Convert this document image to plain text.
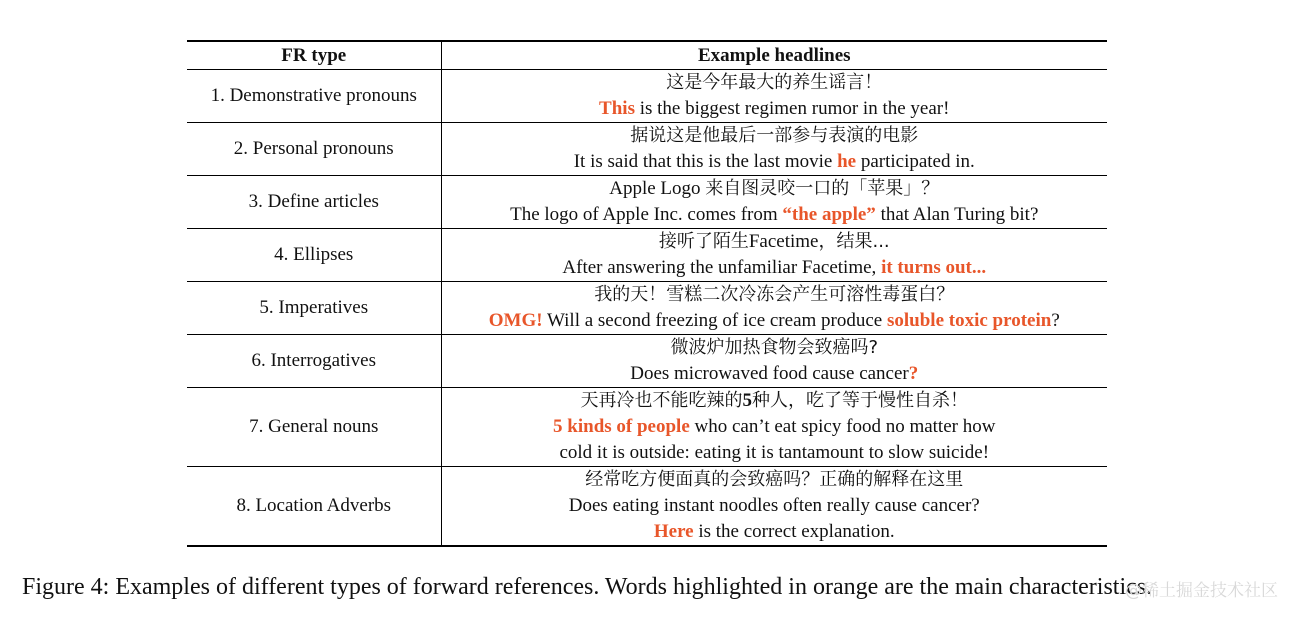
FR type	Example headlines
1. Demonstrative pronouns	这是今年最大的养生谣言！
This is the biggest regimen rumor in the year!

2. Personal pronouns	据说这是他最后一部参与表演的电影
It is said that this is the last movie he participated in.

3. Define articles	Apple Logo 来自图灵咬一口的「苹果」？
The logo of Apple Inc. comes from “the apple” that Alan Turing bit?

4. Ellipses	接听了陌生Facetime，结果...
After answering the unfamiliar Facetime, it turns out...

5. Imperatives	我的天！雪糕二次冷冻会产生可溶性毒蛋白？
OMG! Will a second freezing of ice cream produce soluble toxic protein?

6. Interrogatives	微波炉加热食物会致癌吗?
Does microwaved food cause cancer?

7. General nouns	天再冷也不能吃辣的5种人，吃了等于慢性自杀！
5 kinds of people who can’t eat spicy food no matter how
cold it is outside: eating it is tantamount to slow suicide!

8. Location Adverbs	经常吃方便面真的会致癌吗？正确的解释在这里
Does eating instant noodles often really cause cancer?
Here is the correct explanation.
Figure 4: Examples of different types of forward references. Words highlighted in orange are the main characteristics.
@稀土掘金技术社区
